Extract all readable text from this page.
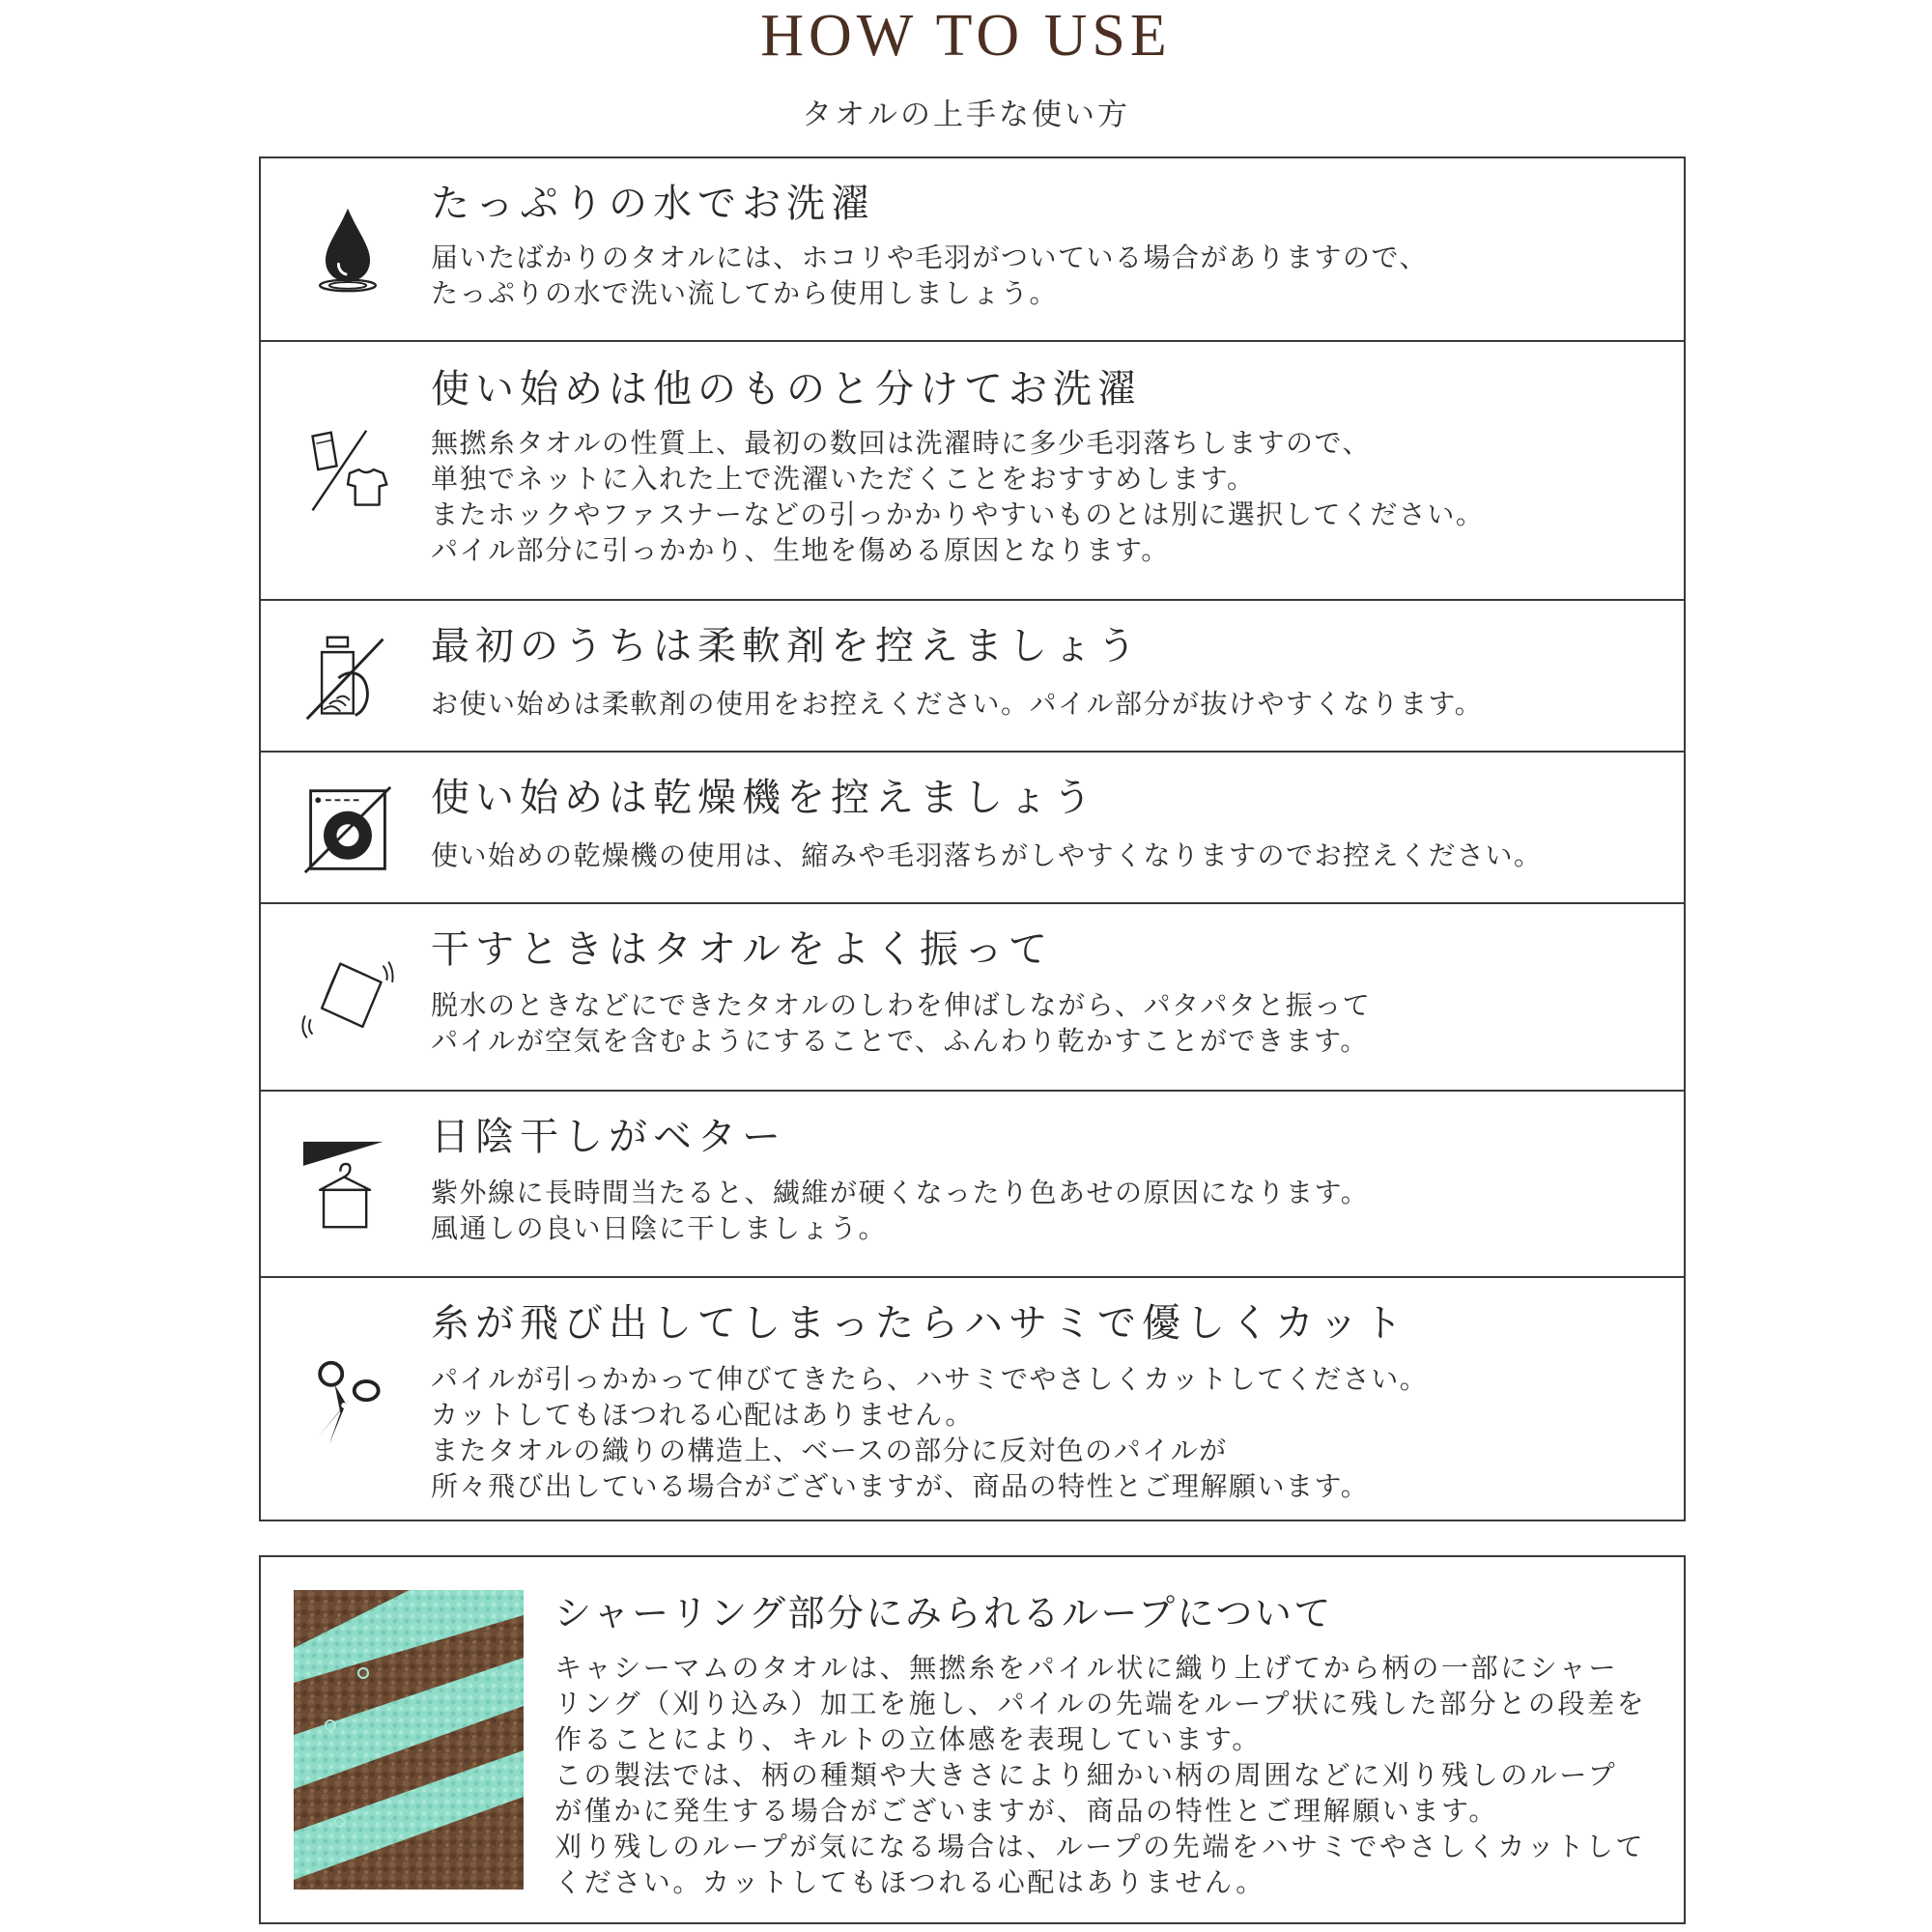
HOW TO USE
タオルの上手な使い方
たっぷりの水でお洗濯
届いたばかりのタオルには、ホコリや毛羽がついている場合がありますので、
たっぷりの水で洗い流してから使用しましょう。
使い始めは他のものと分けてお洗濯
無撚糸タオルの性質上、最初の数回は洗濯時に多少毛羽落ちしますので、
単独でネットに入れた上で洗濯いただくことをおすすめします。
またホックやファスナーなどの引っかかりやすいものとは別に選択してください。
パイル部分に引っかかり、生地を傷める原因となります。
最初のうちは柔軟剤を控えましょう
お使い始めは柔軟剤の使用をお控えください。パイル部分が抜けやすくなります。
使い始めは乾燥機を控えましょう
使い始めの乾燥機の使用は、縮みや毛羽落ちがしやすくなりますのでお控えください。
干すときはタオルをよく振って
脱水のときなどにできたタオルのしわを伸ばしながら、パタパタと振って
パイルが空気を含むようにすることで、ふんわり乾かすことができます。
日陰干しがベター
紫外線に長時間当たると、繊維が硬くなったり色あせの原因になります。
風通しの良い日陰に干しましょう。
糸が飛び出してしまったらハサミで優しくカット
パイルが引っかかって伸びてきたら、ハサミでやさしくカットしてください。
カットしてもほつれる心配はありません。
またタオルの織りの構造上、ベースの部分に反対色のパイルが
所々飛び出している場合がございますが、商品の特性とご理解願います。
シャーリング部分にみられるループについて
キャシーマムのタオルは、無撚糸をパイル状に織り上げてから柄の一部にシャー
リング（刈り込み）加工を施し、パイルの先端をループ状に残した部分との段差を
作ることにより、キルトの立体感を表現しています。
この製法では、柄の種類や大きさにより細かい柄の周囲などに刈り残しのループ
が僅かに発生する場合がございますが、商品の特性とご理解願います。
刈り残しのループが気になる場合は、ループの先端をハサミでやさしくカットして
ください。カットしてもほつれる心配はありません。
